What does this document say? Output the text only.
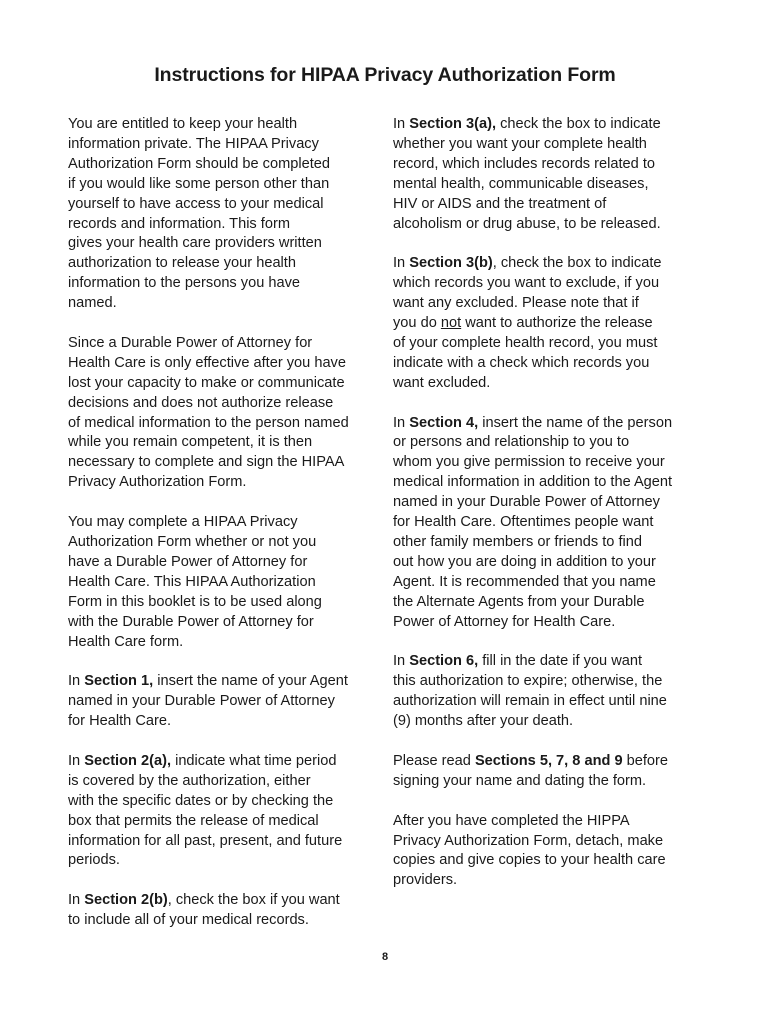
Instructions for HIPAA Privacy Authorization Form
You are entitled to keep your health
information private. The HIPAA Privacy
Authorization Form should be completed
if you would like some person other than
yourself to have access to your medical
records and information. This form
gives your health care providers written
authorization to release your health
information to the persons you have
named.
Since a Durable Power of Attorney for
Health Care is only effective after you have
lost your capacity to make or communicate
decisions and does not authorize release
of medical information to the person named
while you remain competent, it is then
necessary to complete and sign the HIPAA
Privacy Authorization Form.
You may complete a HIPAA Privacy
Authorization Form whether or not you
have a Durable Power of Attorney for
Health Care. This HIPAA Authorization
Form in this booklet is to be used along
with the Durable Power of Attorney for
Health Care form.
In Section 1, insert the name of your Agent
named in your Durable Power of Attorney
for Health Care.
In Section 2(a), indicate what time period
is covered by the authorization, either
with the specific dates or by checking the
box that permits the release of medical
information for all past, present, and future
periods.
In Section 2(b), check the box if you want
to include all of your medical records.
In Section 3(a), check the box to indicate
whether you want your complete health
record, which includes records related to
mental health, communicable diseases,
HIV or AIDS and the treatment of
alcoholism or drug abuse, to be released.
In Section 3(b), check the box to indicate
which records you want to exclude, if you
want any excluded. Please note that if
you do not want to authorize the release
of your complete health record, you must
indicate with a check which records you
want excluded.
In Section 4, insert the name of the person
or persons and relationship to you to
whom you give permission to receive your
medical information in addition to the Agent
named in your Durable Power of Attorney
for Health Care. Oftentimes people want
other family members or friends to find
out how you are doing in addition to your
Agent. It is recommended that you name
the Alternate Agents from your Durable
Power of Attorney for Health Care.
In Section 6, fill in the date if you want
this authorization to expire; otherwise, the
authorization will remain in effect until nine
(9) months after your death.
Please read Sections 5, 7, 8 and 9 before
signing your name and dating the form.
After you have completed the HIPPA
Privacy Authorization Form, detach, make
copies and give copies to your health care
providers.
8
